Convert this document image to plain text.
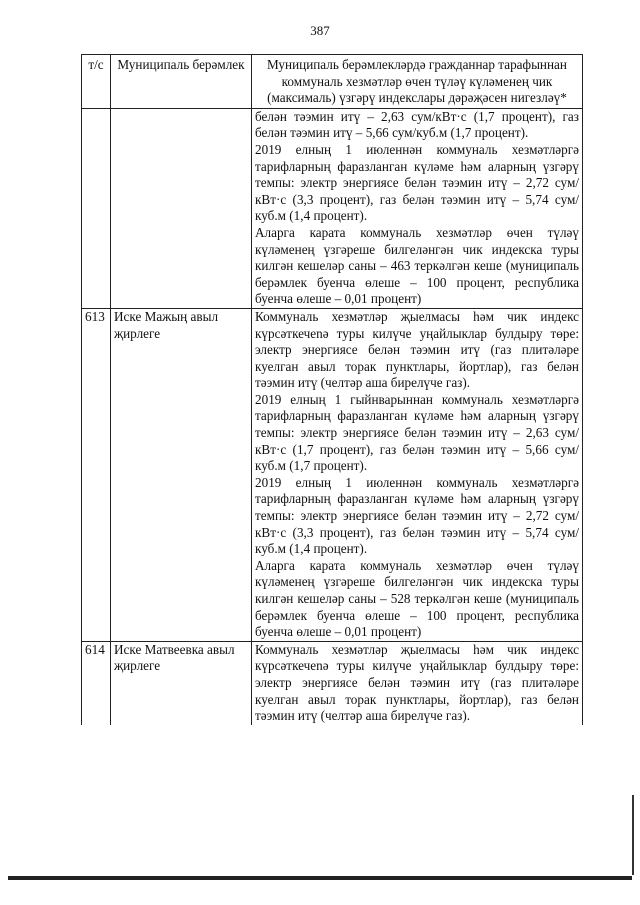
387
т/с	Муниципаль берәмлек	Муниципаль берәмлекләрдә гражданнар тарафыннан коммуналь хезмәтләр өчен түләү күләменең чик (максималь) үзгәрү индекслары дәрәҗәсен нигезләү*

		белән тәэмин итү – 2,63 сум/кВт·с (1,7 процент), газ белән тәэмин итү – 5,66 сум/куб.м (1,7 процент).

2019 елның 1 июленнән коммуналь хезмәтләргә тарифларның фаразланган күләме һәм аларның үзгәрү темпы: электр энергиясе белән тәэмин итү – 2,72 сум/кВт·с (3,3 процент), газ белән тәэмин итү – 5,74 сум/куб.м (1,4 процент).

Аларга карата коммуналь хезмәтләр өчен түләү күләменең үзгәреше билгеләнгән чик индекска туры килгән кешеләр саны – 463 теркәлгән кеше (муниципаль берәмлек буенча өлеше – 100 процент, республика буенча өлеше – 0,01 процент)

613	Иске Мажың авыл җирлеге	Коммуналь хезмәтләр җыелмасы һәм чик индекс күрсәткечenә туры килүче уңайлыклар булдыру төре: электр энергиясе белән тәэмин итү (газ плитәләре куелган авыл торак пунктлары, йортлар), газ белән тәэмин итү (челтәр аша бирелүче газ).

2019 елның 1 гыйнварыннан коммуналь хезмәтләргә тарифларның фаразланган күләме һәм аларның үзгәрү темпы: электр энергиясе белән тәэмин итү – 2,63 сум/кВт·с (1,7 процент), газ белән тәэмин итү – 5,66 сум/куб.м (1,7 процент).

2019 елның 1 июленнән коммуналь хезмәтләргә тарифларның фаразланган күләме һәм аларның үзгәрү темпы: электр энергиясе белән тәэмин итү – 2,72 сум/кВт·с (3,3 процент), газ белән тәэмин итү – 5,74 сум/куб.м (1,4 процент).

Аларга карата коммуналь хезмәтләр өчен түләү күләменең үзгәреше билгеләнгән чик индекска туры килгән кешеләр саны – 528 теркәлгән кеше (муниципаль берәмлек буенча өлеше – 100 процент, республика буенча өлеше – 0,01 процент)

614	Иске Матвеевка авыл җирлеге	Коммуналь хезмәтләр җыелмасы һәм чик индекс күрсәткечenә туры килүче уңайлыклар булдыру төре: электр энергиясе белән тәэмин итү (газ плитәләре куелган авыл торак пунктлары, йортлар), газ белән тәэмин итү (челтәр аша бирелүче газ).
